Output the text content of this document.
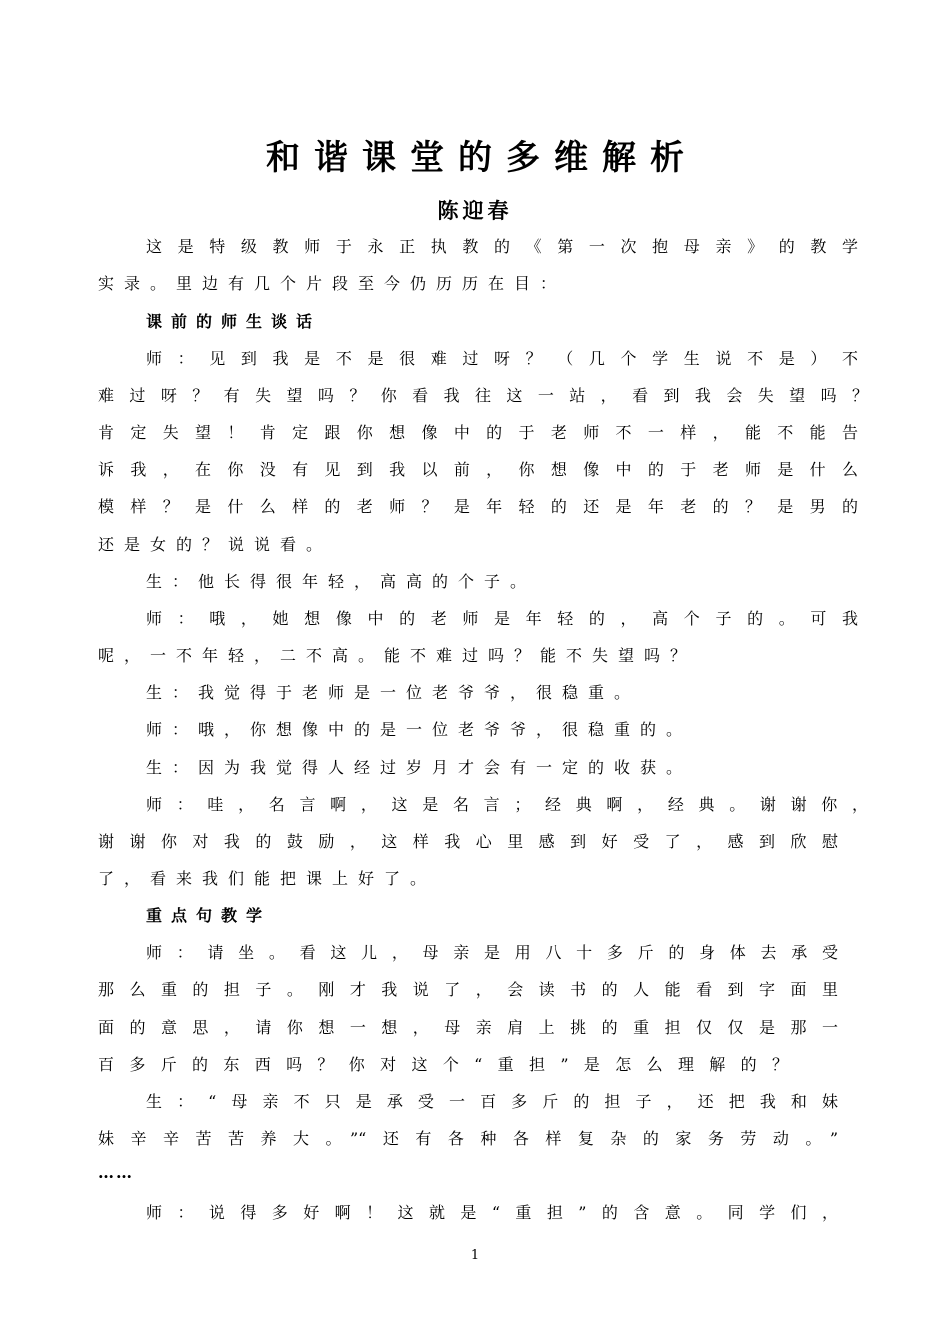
和谐课堂的多维解析
陈迎春
这是特级教师于永正执教的《第一次抱母亲》的教学
实录。里边有几个片段至今仍历历在目：
课前的师生谈话
师：见到我是不是很难过呀？（几个学生说不是）不
难过呀？有失望吗？你看我往这一站，看到我会失望吗？
肯定失望！肯定跟你想像中的于老师不一样，能不能告
诉我，在你没有见到我以前，你想像中的于老师是什么
模样？是什么样的老师？是年轻的还是年老的？是男的
还是女的？说说看。
生：他长得很年轻，高高的个子。
师：哦，她想像中的老师是年轻的，高个子的。可我
呢，一不年轻，二不高。能不难过吗？能不失望吗？
生：我觉得于老师是一位老爷爷，很稳重。
师：哦，你想像中的是一位老爷爷，很稳重的。
生：因为我觉得人经过岁月才会有一定的收获。
师：哇，名言啊，这是名言；经典啊，经典。谢谢你，
谢谢你对我的鼓励，这样我心里感到好受了，感到欣慰
了，看来我们能把课上好了。
重点句教学
师：请坐。看这儿，母亲是用八十多斤的身体去承受
那么重的担子。刚才我说了，会读书的人能看到字面里
面的意思，请你想一想，母亲肩上挑的重担仅仅是那一
百多斤的东西吗？你对这个“重担”是怎么理解的？
生：“母亲不只是承受一百多斤的担子，还把我和妹
妹辛辛苦苦养大。”“还有各种各样复杂的家务劳动。”
……
师：说得多好啊！这就是“重担”的含意。同学们，
1
